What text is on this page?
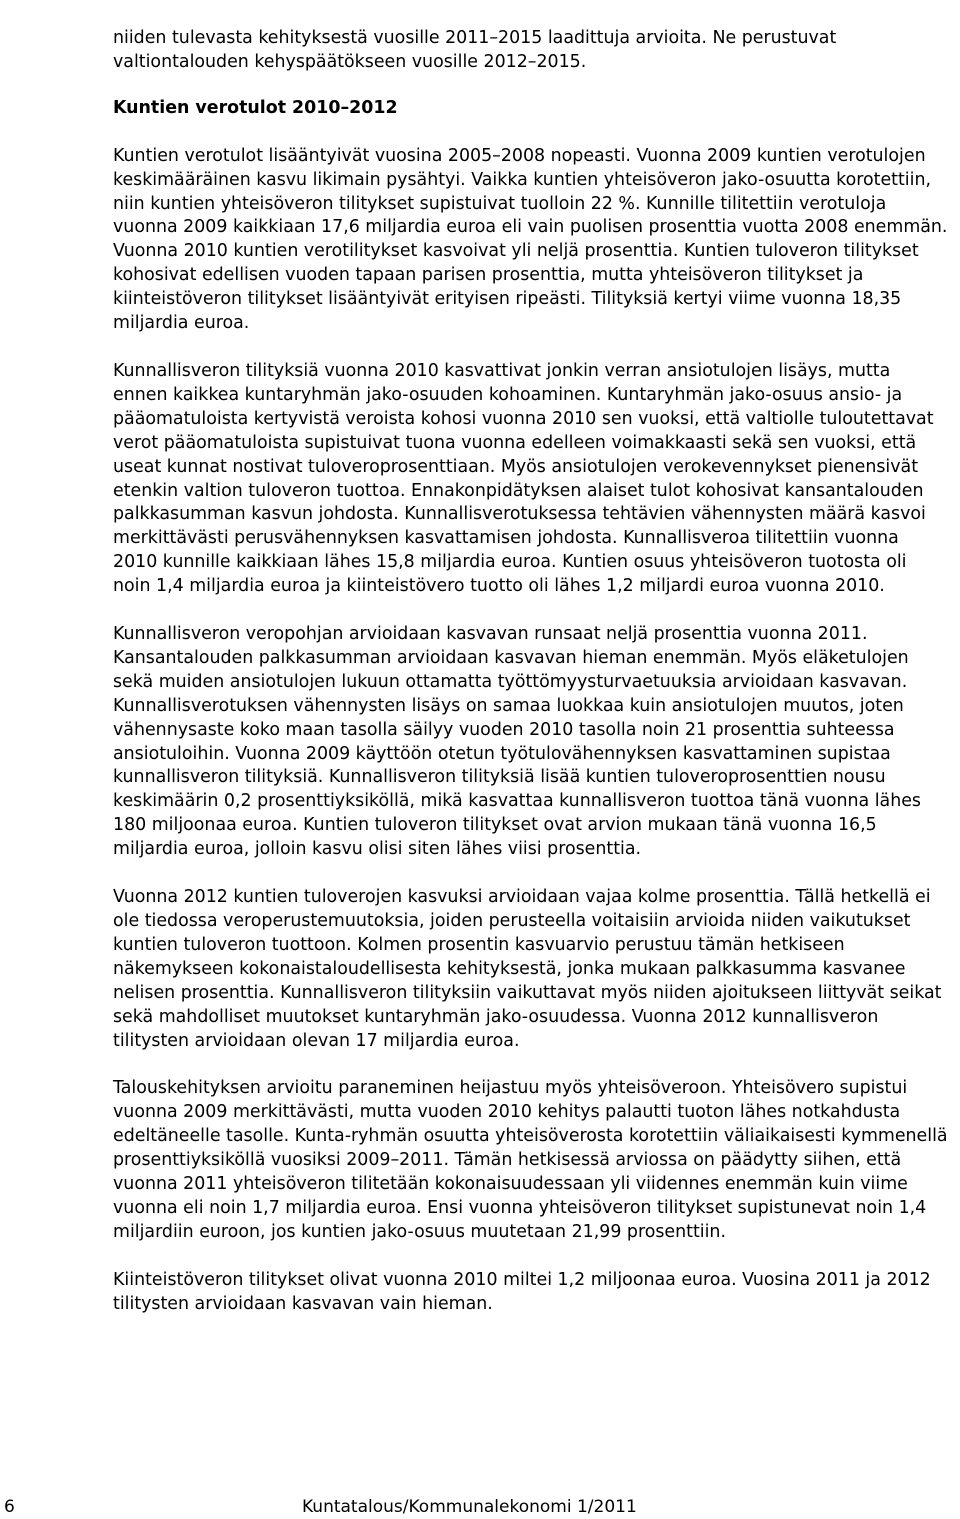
niiden tulevasta kehityksestä vuosille 2011–2015 laadittuja arvioita. Ne perustuvat valtiontalouden kehyspäätökseen vuosille 2012–2015.

Kuntien verotulot 2010–2012

Kuntien verotulot lisääntyivät vuosina 2005–2008 nopeasti. Vuonna 2009 kuntien verotulojen keskimääräinen kasvu likimain pysähtyi. Vaikka kuntien yhteisöveron jako-osuutta korotettiin, niin kuntien yhteisöveron tilitykset supistuivat tuolloin 22 %. Kunnille tilitettiin verotuloja vuonna 2009 kaikkiaan 17,6 miljardia euroa eli vain puolisen prosenttia vuotta 2008 enemmän. Vuonna 2010 kuntien verotilitykset kasvoivat yli neljä prosenttia. Kuntien tuloveron tilitykset kohosivat edellisen vuoden tapaan parisen prosenttia, mutta yhteisöveron tilitykset ja kiinteistöveron tilitykset lisääntyivät erityisen ripeästi. Tilityksiä kertyi viime vuonna 18,35 miljardia euroa.

Kunnallisveron tilityksiä vuonna 2010 kasvattivat jonkin verran ansiotulojen lisäys, mutta ennen kaikkea kuntaryhmän jako-osuuden kohoaminen. Kuntaryhmän jako-osuus ansio- ja pääomatuloista kertyvistä veroista kohosi vuonna 2010 sen vuoksi, että valtiolle tuloutettavat verot pääomatuloista supistuivat tuona vuonna edelleen voimakkaasti sekä sen vuoksi, että useat kunnat nostivat tuloveroprosenttiaan. Myös ansiotulojen verokevennykset pienensivät etenkin valtion tuloveron tuottoa. Ennakonpidätyksen alaiset tulot kohosivat kansantalouden palkkasumman kasvun johdosta. Kunnallisverotuksessa tehtävien vähennysten määrä kasvoi merkittävästi perusvähennyksen kasvattamisen johdosta. Kunnallisveroa tilitettiin vuonna 2010 kunnille kaikkiaan lähes 15,8 miljardia euroa. Kuntien osuus yhteisöveron tuotosta oli noin 1,4 miljardia euroa ja kiinteistövero tuotto oli lähes 1,2 miljardi euroa vuonna 2010.

Kunnallisveron veropohjan arvioidaan kasvavan runsaat neljä prosenttia vuonna 2011. Kansantalouden palkkasumman arvioidaan kasvavan hieman enemmän. Myös eläketulojen sekä muiden ansiotulojen lukuun ottamatta työttömyysturvaetuuksia arvioidaan kasvavan. Kunnallisverotuksen vähennysten lisäys on samaa luokkaa kuin ansiotulojen muutos, joten vähennysaste koko maan tasolla säilyy vuoden 2010 tasolla noin 21 prosenttia suhteessa ansiotuloihin. Vuonna 2009 käyttöön otetun työtulovähennyksen kasvattaminen supistaa kunnallisveron tilityksiä. Kunnallisveron tilityksiä lisää kuntien tuloveroprosenttien nousu keskimäärin 0,2 prosenttiyksiköllä, mikä kasvattaa kunnallisveron tuottoa tänä vuonna lähes 180 miljoonaa euroa. Kuntien tuloveron tilitykset ovat arvion mukaan tänä vuonna 16,5 miljardia euroa, jolloin kasvu olisi siten lähes viisi prosenttia.

Vuonna 2012 kuntien tuloverojen kasvuksi arvioidaan vajaa kolme prosenttia. Tällä hetkellä ei ole tiedossa veroperustemuutoksia, joiden perusteella voitaisiin arvioida niiden vaikutukset kuntien tuloveron tuottoon. Kolmen prosentin kasvuarvio perustuu tämän hetkiseen näkemykseen kokonaistaloudellisesta kehityksestä, jonka mukaan palkkasumma kasvanee nelisen prosenttia. Kunnallisveron tilityksiin vaikuttavat myös niiden ajoitukseen liittyvät seikat sekä mahdolliset muutokset kuntaryhmän jako-osuudessa. Vuonna 2012 kunnallisveron tilitysten arvioidaan olevan 17 miljardia euroa.

Talouskehityksen arvioitu paraneminen heijastuu myös yhteisöveroon. Yhteisövero supistui vuonna 2009 merkittävästi, mutta vuoden 2010 kehitys palautti tuoton lähes notkahdusta edeltäneelle tasolle. Kunta-ryhmän osuutta yhteisöverosta korotettiin väliaikaisesti kymmenellä prosenttiyksiköllä vuosiksi 2009–2011. Tämän hetkisessä arviossa on päädytty siihen, että vuonna 2011 yhteisöveron tilitetään kokonaisuudessaan yli viidennes enemmän kuin viime vuonna eli noin 1,7 miljardia euroa. Ensi vuonna yhteisöveron tilitykset supistunevat noin 1,4 miljardiin euroon, jos kuntien jako-osuus muutetaan 21,99 prosenttiin.

Kiinteistöveron tilitykset olivat vuonna 2010 miltei 1,2 miljoonaa euroa. Vuosina 2011 ja 2012 tilitysten arvioidaan kasvavan vain hieman.

6	Kuntatalous/Kommunalekonomi 1/2011
